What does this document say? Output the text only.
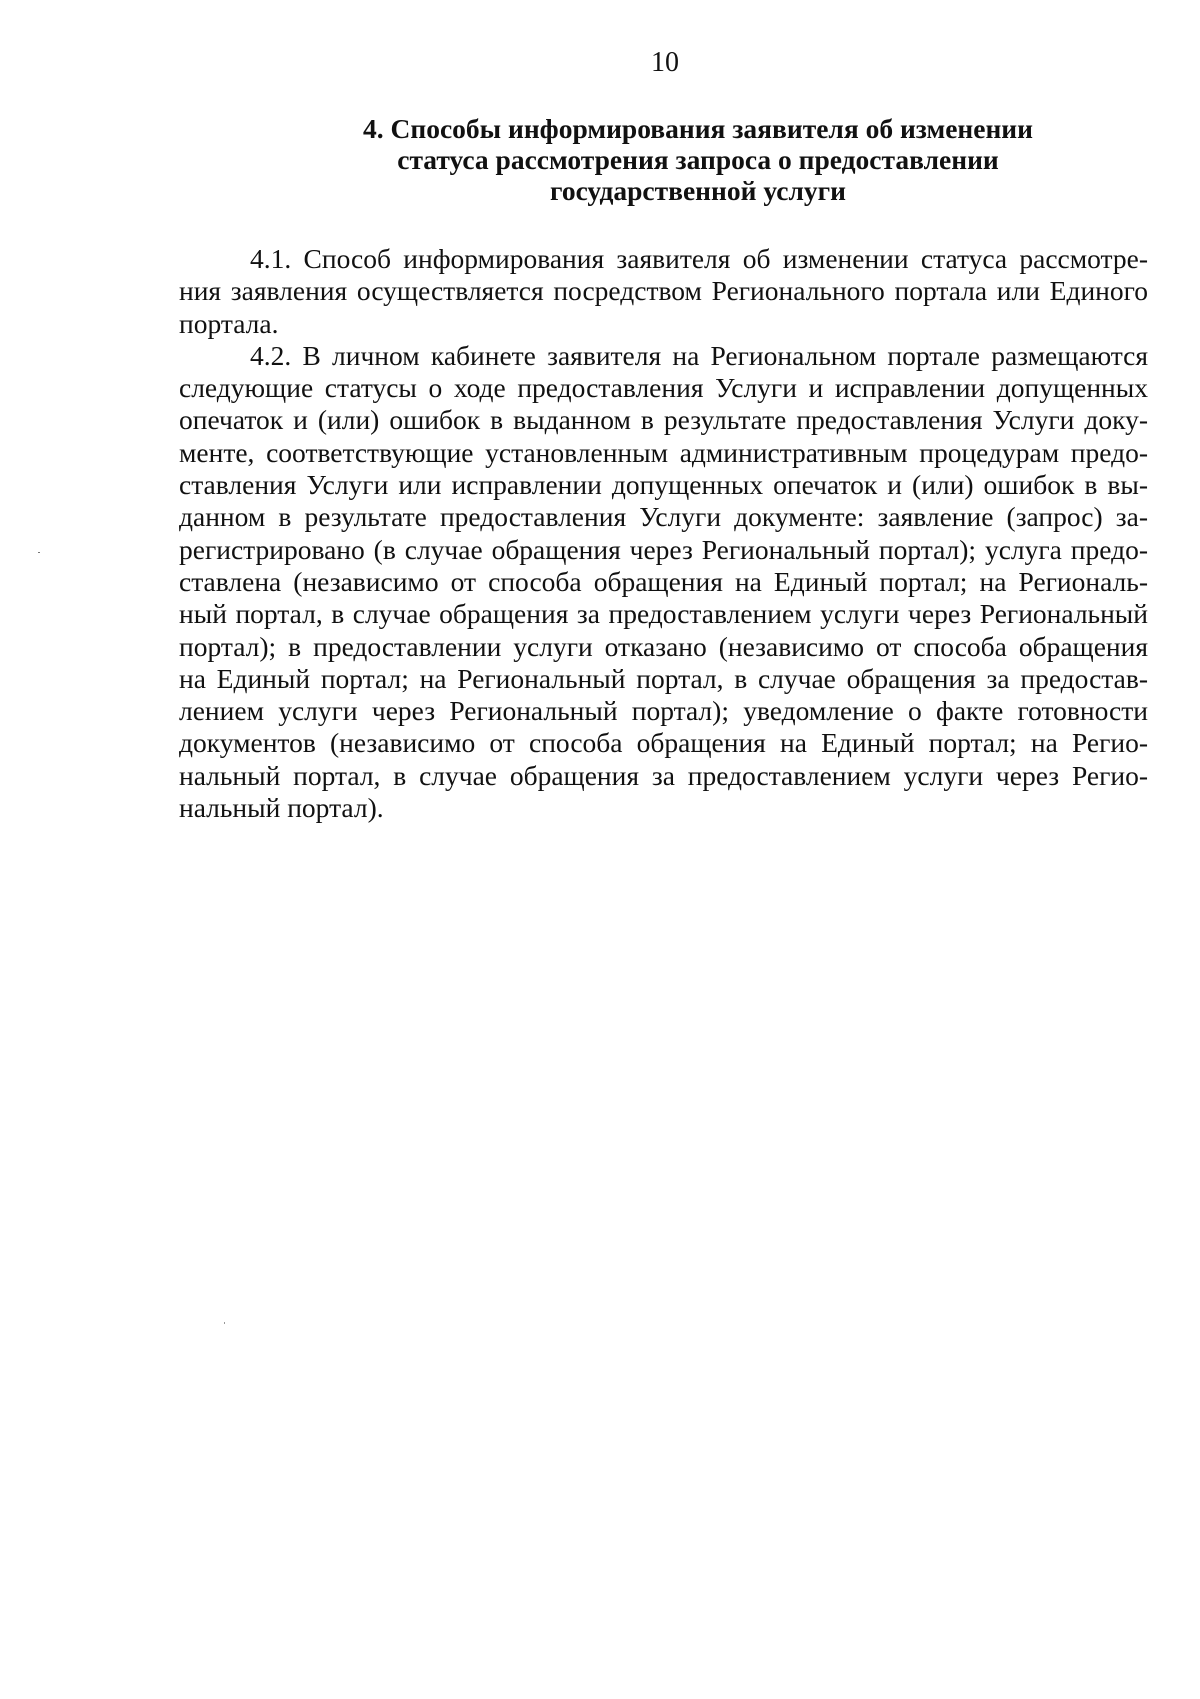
10
4. Способы информирования заявителя об изменении
статуса рассмотрения запроса о предоставлении
государственной услуги
4.1. Способ информирования заявителя об изменении статуса рассмотре-
ния заявления осуществляется посредством Регионального портала или Единого
портала.
4.2. В личном кабинете заявителя на Региональном портале размещаются
следующие статусы о ходе предоставления Услуги и исправлении допущенных
опечаток и (или) ошибок в выданном в результате предоставления Услуги доку-
менте, соответствующие установленным административным процедурам предо-
ставления Услуги или исправлении допущенных опечаток и (или) ошибок в вы-
данном в результате предоставления Услуги документе: заявление (запрос) за-
регистрировано (в случае обращения через Региональный портал); услуга предо-
ставлена (независимо от способа обращения на Единый портал; на Региональ-
ный портал, в случае обращения за предоставлением услуги через Региональный
портал); в предоставлении услуги отказано (независимо от способа обращения
на Единый портал; на Региональный портал, в случае обращения за предостав-
лением услуги через Региональный портал); уведомление о факте готовности
документов (независимо от способа обращения на Единый портал; на Регио-
нальный портал, в случае обращения за предоставлением услуги через Регио-
нальный портал).
